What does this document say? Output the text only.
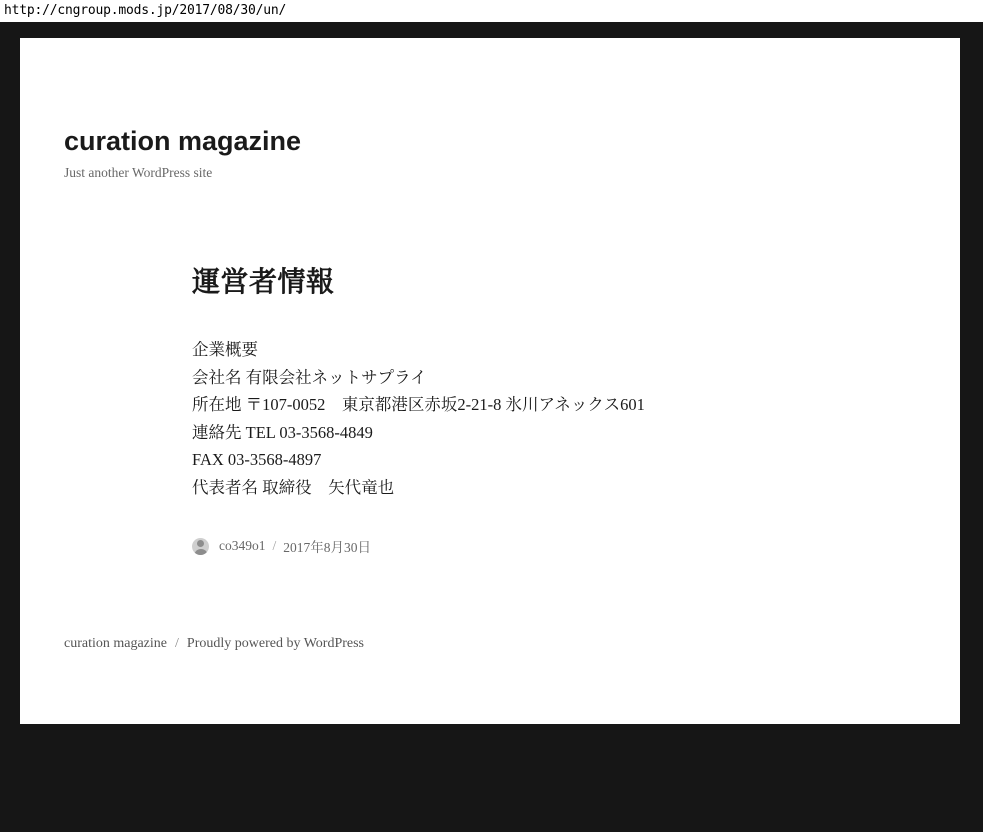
http://cngroup.mods.jp/2017/08/30/un/
curation magazine

Just another WordPress site

運営者情報

企業概要

会社名 有限会社ネットサプライ

所在地 〒107-0052　東京都港区赤坂2-21-8 氷川アネックス601

連絡先 TEL 03-3568-4849

FAX 03-3568-4897

代表者名 取締役　矢代竜也

co349o1 / 2017年8月30日
curation magazine / Proudly powered by WordPress
